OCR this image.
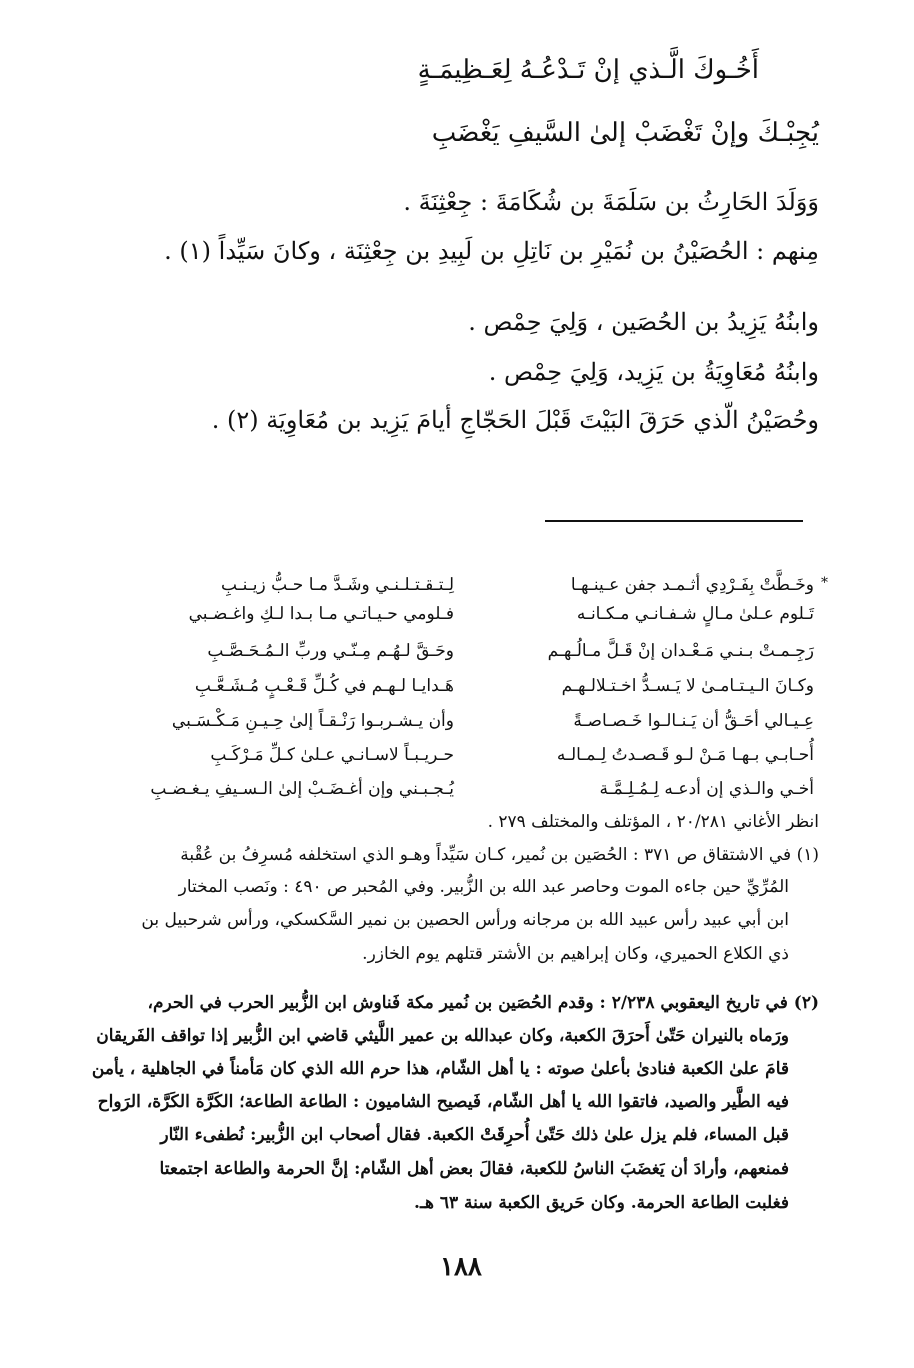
أَخُـوكَ الَّـذي إنْ تَـدْعُـهُ لِعَـظِيمَـةٍ
يُجِبْـكَ وإنْ تَغْضَبْ إلىٰ السَّيفِ يَغْضَبِ
وَوَلَدَ الحَارِثُ بن سَلَمَةَ بن شُكَامَةَ : جِعْثِنَةَ .
مِنهم : الحُصَيْنُ بن نُمَيْرِ بن نَاتِلِ بن لَبِيدِ بن جِعْثِنَة ، وكانَ سَيِّداً (١) .
وابنُهُ يَزِيدُ بن الحُصَين ، وَلِيَ حِمْص .
وابنُهُ مُعَاوِيَةُ بن يَزِيد، وَلِيَ حِمْص .
وحُصَيْنُ الّذي حَرَقَ البَيْتَ قَبْلَ الحَجّاجِ أيامَ يَزِيد بن مُعَاوِيَة (٢) .
*
وخَـطَّتْ بِفَـرْدِي أثـمـد جفن عـينـهـا
تَـلوم عـلىٰ مـالٍ شـفـانـي مـكـانـه
رَجِـمـتْ بـنـي مَـعْـدان إنْ قَـلَّ مـالُـهـم
وكـانَ الـيـتـامـىٰ لا يَـسـدُّ اخـتـلالـهـم
عِـيـالي أحَـقُّ أن يَـنـالـوا خَـصـاصـةً
أُحـابـي بـهـا مَـنْ لـو قَـصـدتُ لِـمـالـه
أخـي والـذي إن أدعـه لِـمُـلِـمَّـة
لِـتـقـتـلـنـي وشَـدَّ مـا حـبُّ زيـنـبِ
فـلومي حـيـاتـي مـا بـدا لـكِ واغـضـبي
وحَـقَّ لـهُـم مِـنّـي وربِّ الـمُـحَـصَّـبِ
هَـدايـا لـهـم في كُـلِّ قَـعْـبٍ مُـشَـعَّـبِ
وأن يـشـربـوا رَنْـقـاً إلىٰ حِـيـنِ مَـكْـسَـبي
حـريـبـاً لاسـانـي عـلىٰ كـلِّ مَـرْكَـبِ
يُـجـبـني وإن أغـضَـبْ إلىٰ الـسـيفِ يـغـضـبِ
انظر الأغاني ٢٠/٢٨١ ، المؤتلف والمختلف ٢٧٩ .
(١) في الاشتقاق ص ٣٧١ : الحُصَين بن نُمير، كـان سَيِّداً وهـو الذي استخلفه مُسرِفُ بن عُقْبة
المُرِّيِّ حين جاءه الموت وحاصر عبد الله بن الزُّبير. وفي المُحبر ص ٤٩٠ : ونَصب المختار
ابن أبي عبيد رأس عبيد الله بن مرجانه ورأس الحصين بن نمير السَّكسكي، ورأس شرحبيل بن
ذي الكلاع الحميري، وكان إبراهيم بن الأشتر قتلهم يوم الخازر.
(٢) في تاريخ اليعقوبي ٢/٢٣٨ : وقدم الحُصَين بن نُمير مكة فَناوش ابن الزُّبير الحرب في الحرم،
ورَماه بالنيران حَتّىٰ أَحرَقَ الكعبة، وكان عبدالله بن عمير اللَّيثي قاضي ابن الزُّبير إذا تواقف الفَريقان
قامَ علىٰ الكعبة فنادىٰ بأعلىٰ صوته : يا أهل الشّام، هذا حرم الله الذي كان مَأمناً في الجاهلية ، يأمن
فيه الطَّير والصيد، فاتقوا الله يا أهل الشّام، فَيصيح الشاميون : الطاعة الطاعة؛ الكَرَّة الكَرَّة، الرَواح
قبل المساء، فلم يزل علىٰ ذلك حَتّىٰ أُحرِقَتْ الكعبة. فقال أصحاب ابن الزُّبير: نُطفىء النّار
فمنعهم، وأرادَ أن يَغضَبَ الناسُ للكعبة، فقالَ بعض أهل الشّام: إنَّ الحرمة والطاعة اجتمعتا
فغلبت الطاعة الحرمة. وكان حَريق الكعبة سنة ٦٣ هـ.
١٨٨
